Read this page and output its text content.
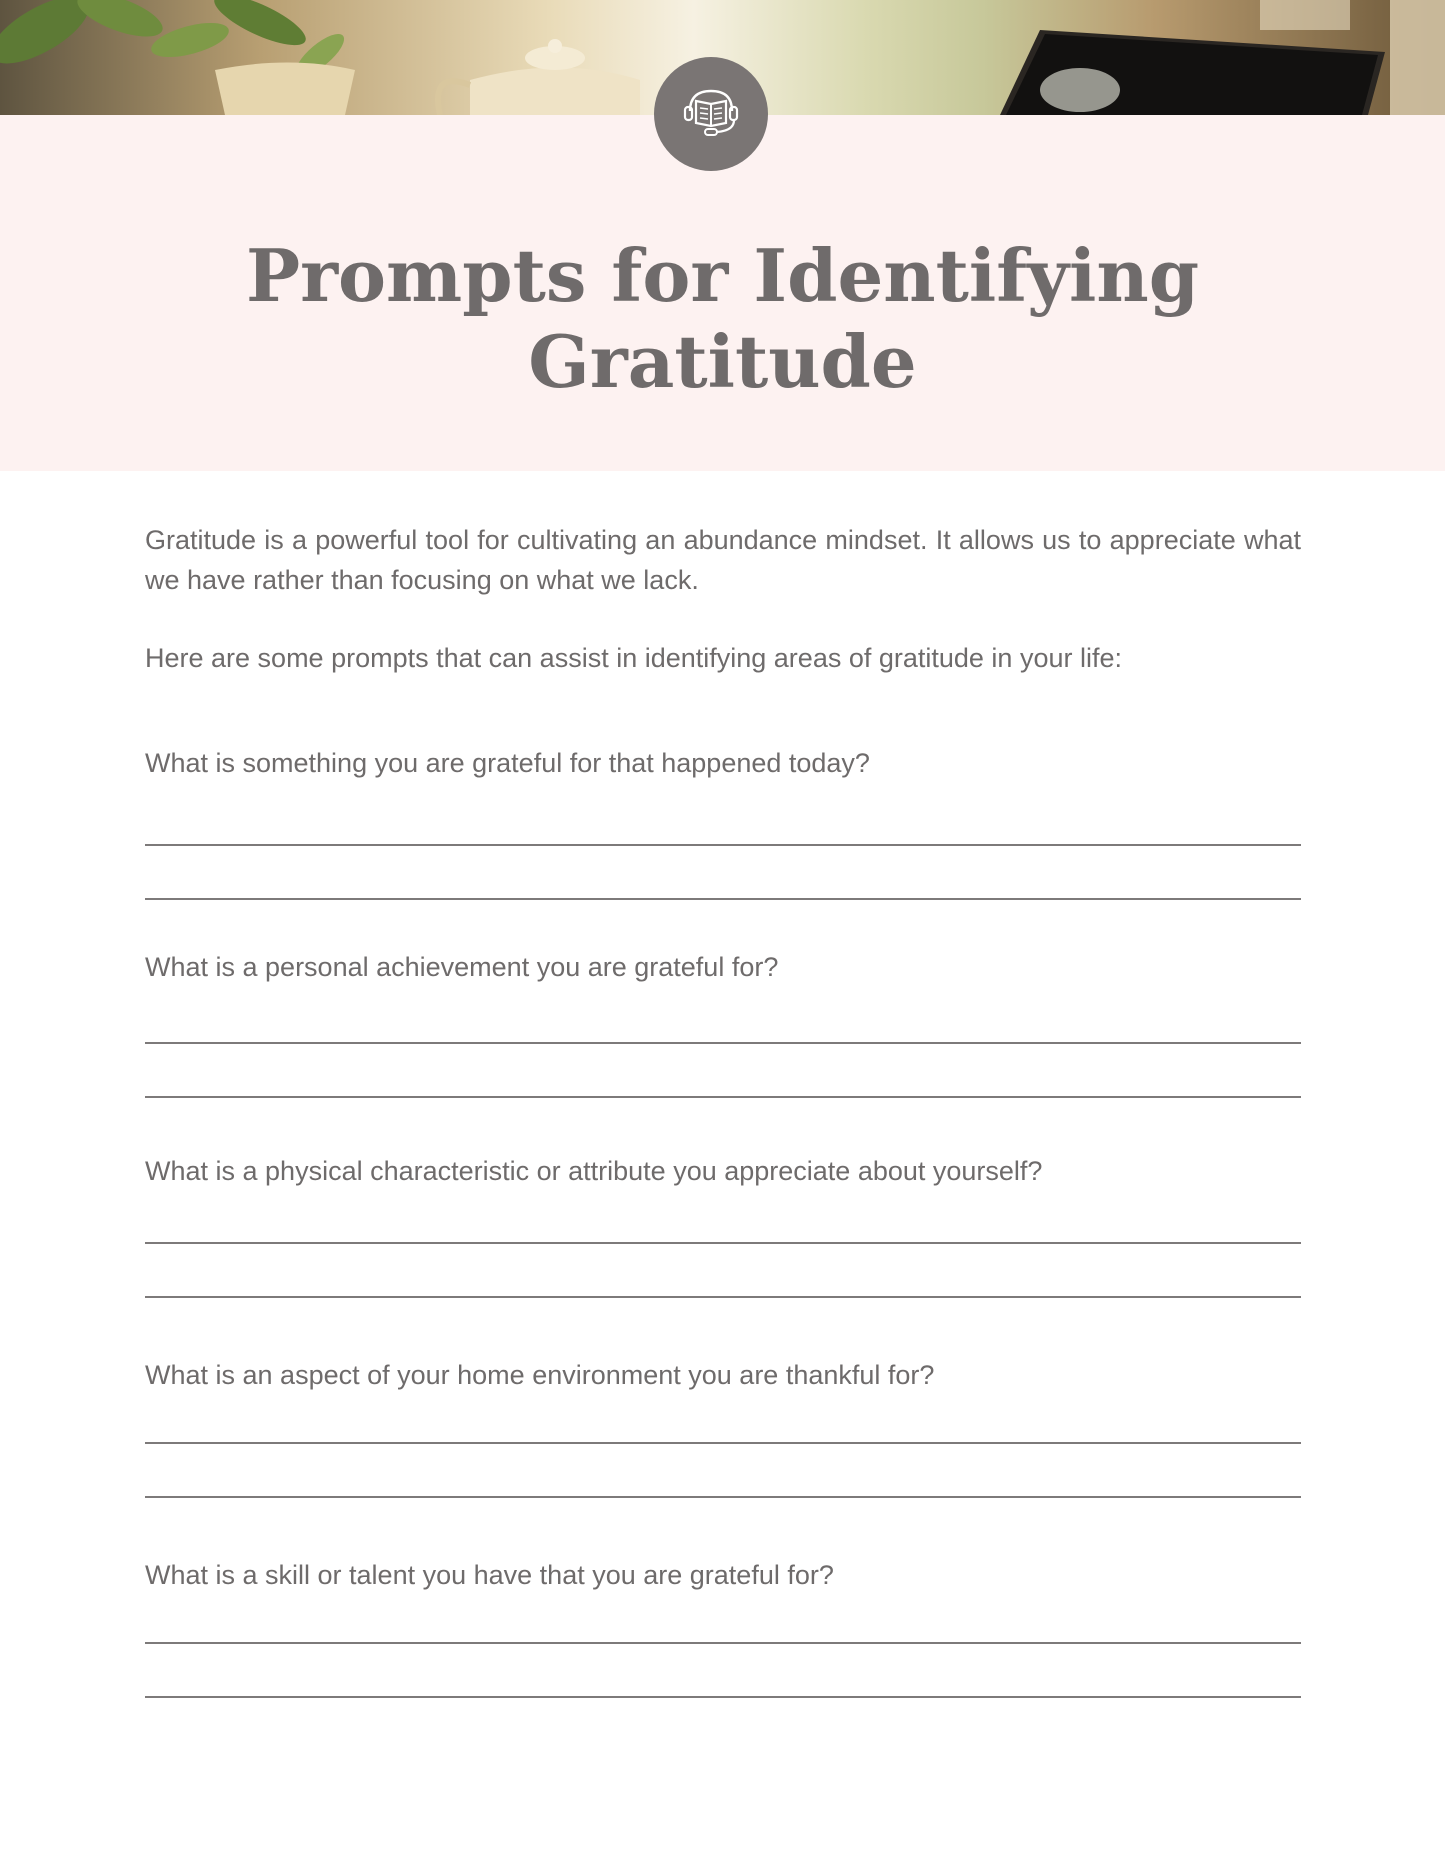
Prompts for Identifying
Gratitude

Gratitude is a powerful tool for cultivating an abundance mindset. It allows us to appreciate what we have rather than focusing on what we lack.

Here are some prompts that can assist in identifying areas of gratitude in your life:

What is something you are grateful for that happened today?

What is a personal achievement you are grateful for?

What is a physical characteristic or attribute you appreciate about yourself?

What is an aspect of your home environment you are thankful for?

What is a skill or talent you have that you are grateful for?
